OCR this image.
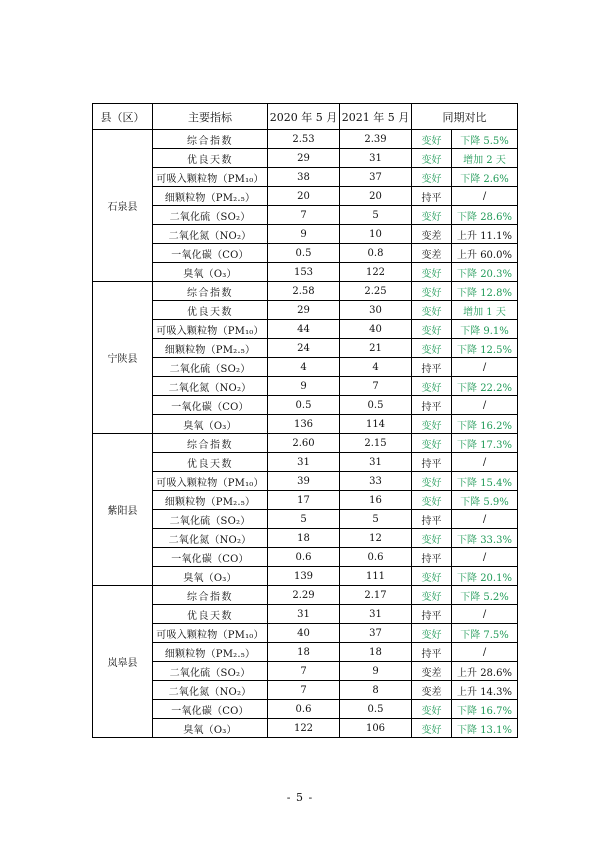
县（区）	主要指标	2020 年 5 月	2021 年 5 月	同期对比	
石泉县	综合指数	2.53	2.39	变好	下降 5.5%
	优良天数	29	31	变好	增加 2 天
	可吸入颗粒物（PM₁₀）	38	37	变好	下降 2.6%
	细颗粒物（PM₂.₅）	20	20	持平	/
	二氧化硫（SO₂）	7	5	变好	下降 28.6%
	二氧化氮（NO₂）	9	10	变差	上升 11.1%
	一氧化碳（CO）	0.5	0.8	变差	上升 60.0%
	臭氧（O₃）	153	122	变好	下降 20.3%
宁陕县	综合指数	2.58	2.25	变好	下降 12.8%
	优良天数	29	30	变好	增加 1 天
	可吸入颗粒物（PM₁₀）	44	40	变好	下降 9.1%
	细颗粒物（PM₂.₅）	24	21	变好	下降 12.5%
	二氧化硫（SO₂）	4	4	持平	/
	二氧化氮（NO₂）	9	7	变好	下降 22.2%
	一氧化碳（CO）	0.5	0.5	持平	/
	臭氧（O₃）	136	114	变好	下降 16.2%
紫阳县	综合指数	2.60	2.15	变好	下降 17.3%
	优良天数	31	31	持平	/
	可吸入颗粒物（PM₁₀）	39	33	变好	下降 15.4%
	细颗粒物（PM₂.₅）	17	16	变好	下降 5.9%
	二氧化硫（SO₂）	5	5	持平	/
	二氧化氮（NO₂）	18	12	变好	下降 33.3%
	一氧化碳（CO）	0.6	0.6	持平	/
	臭氧（O₃）	139	111	变好	下降 20.1%
岚皋县	综合指数	2.29	2.17	变好	下降 5.2%
	优良天数	31	31	持平	/
	可吸入颗粒物（PM₁₀）	40	37	变好	下降 7.5%
	细颗粒物（PM₂.₅）	18	18	持平	/
	二氧化硫（SO₂）	7	9	变差	上升 28.6%
	二氧化氮（NO₂）	7	8	变差	上升 14.3%
	一氧化碳（CO）	0.6	0.5	变好	下降 16.7%
	臭氧（O₃）	122	106	变好	下降 13.1%
- 5 -
